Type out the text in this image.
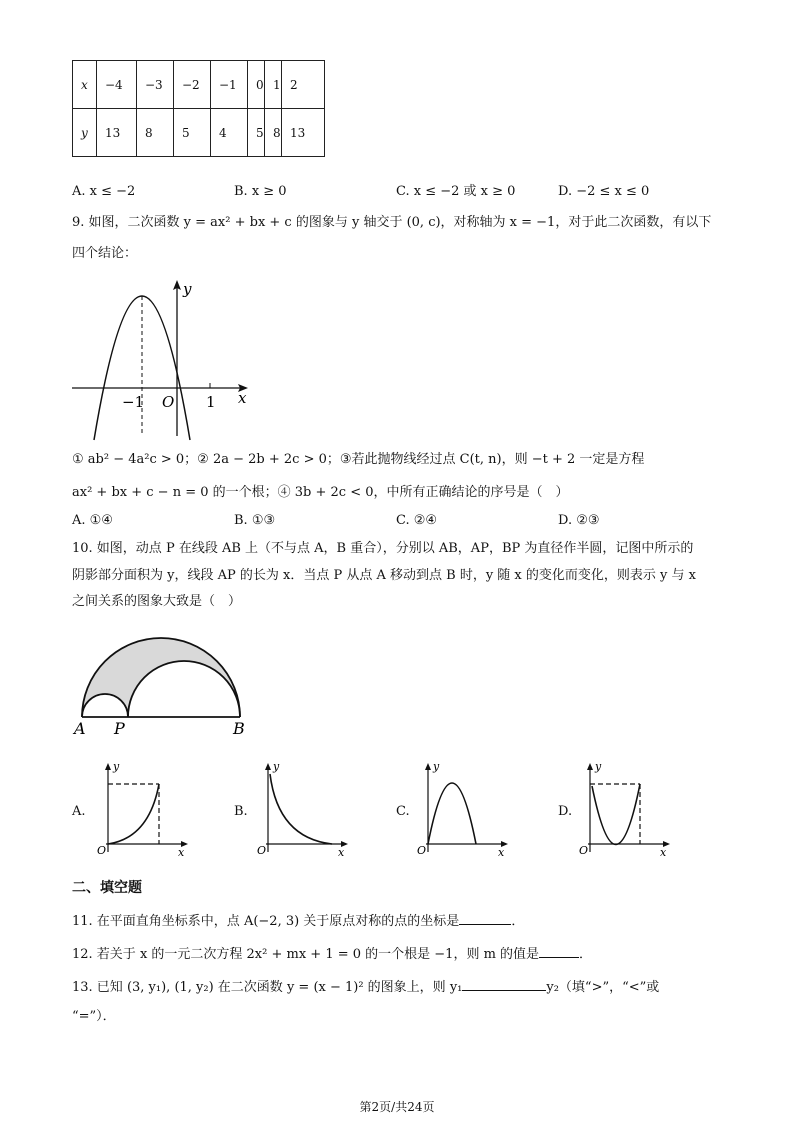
x	−4	−3	−2	−1	0	1	2
y	13	8	5	4	5	8	13
A. x ≤ −2	B. x ≥ 0	C. x ≤ −2 或 x ≥ 0	D. −2 ≤ x ≤ 0
9. 如图，二次函数 y = ax² + bx + c 的图象与 y 轴交于 (0, c)，对称轴为 x = −1，对于此二次函数，有以下
四个结论：
y
x
−1 O 1
① ab² − 4a²c > 0；② 2a − 2b + 2c > 0；③若此抛物线经过点 C(t, n)，则 −t + 2 一定是方程
ax² + bx + c − n = 0 的一个根；④ 3b + 2c < 0，中所有正确结论的序号是（　）
A. ①④	B. ①③	C. ②④	D. ②③
10. 如图，动点 P 在线段 AB 上（不与点 A，B 重合），分别以 AB，AP，BP 为直径作半圆，记图中所示的
阴影部分面积为 y，线段 AP 的长为 x．当点 P 从点 A 移动到点 B 时，y 随 x 的变化而变化，则表示 y 与 x
之间关系的图象大致是（　）
A P	B
A.
y
x
O
B.
y
x
O
C.
y
x
O
D.
y
x
O
二、填空题
11. 在平面直角坐标系中，点 A(−2, 3) 关于原点对称的点的坐标是	．
12. 若关于 x 的一元二次方程 2x² + mx + 1 = 0 的一个根是 −1，则 m 的值是	．
13. 已知 (3, y₁), (1, y₂) 在二次函数 y = (x − 1)² 的图象上，则 y₁	y₂（填“>”，“<”或
“=”）．
第2页/共24页
